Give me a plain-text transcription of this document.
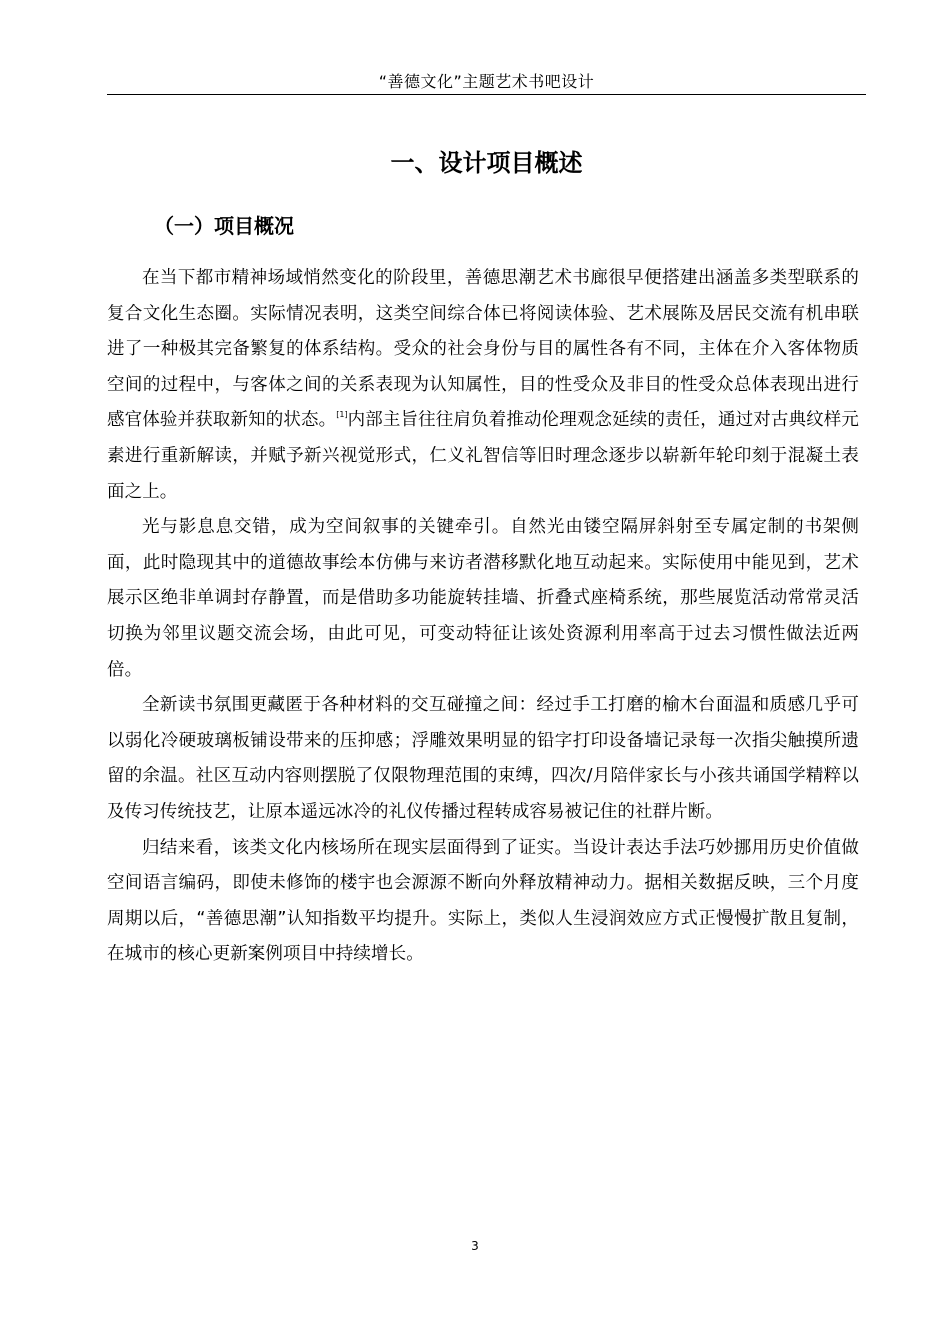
“善德文化”主题艺术书吧设计
一、设计项目概述
（一）项目概况

在当下都市精神场域悄然变化的阶段里，善德思潮艺术书廊很早便搭建出涵盖多类型联系的复合文化生态圈。实际情况表明，这类空间综合体已将阅读体验、艺术展陈及居民交流有机串联进了一种极其完备繁复的体系结构。受众的社会身份与目的属性各有不同，主体在介入客体物质空间的过程中，与客体之间的关系表现为认知属性，目的性受众及非目的性受众总体表现出进行感官体验并获取新知的状态。[1]内部主旨往往肩负着推动伦理观念延续的责任，通过对古典纹样元素进行重新解读，并赋予新兴视觉形式，仁义礼智信等旧时理念逐步以崭新年轮印刻于混凝土表面之上。

光与影息息交错，成为空间叙事的关键牵引。自然光由镂空隔屏斜射至专属定制的书架侧面，此时隐现其中的道德故事绘本仿佛与来访者潜移默化地互动起来。实际使用中能见到，艺术展示区绝非单调封存静置，而是借助多功能旋转挂墙、折叠式座椅系统，那些展览活动常常灵活切换为邻里议题交流会场，由此可见，可变动特征让该处资源利用率高于过去习惯性做法近两倍。

全新读书氛围更藏匿于各种材料的交互碰撞之间：经过手工打磨的榆木台面温和质感几乎可以弱化冷硬玻璃板铺设带来的压抑感；浮雕效果明显的铅字打印设备墙记录每一次指尖触摸所遗留的余温。社区互动内容则摆脱了仅限物理范围的束缚，四次/月陪伴家长与小孩共诵国学精粹以及传习传统技艺，让原本遥远冰冷的礼仪传播过程转成容易被记住的社群片断。

归结来看，该类文化内核场所在现实层面得到了证实。当设计表达手法巧妙挪用历史价值做空间语言编码，即使未修饰的楼宇也会源源不断向外释放精神动力。据相关数据反映，三个月度周期以后，“善德思潮”认知指数平均提升。实际上，类似人生浸润效应方式正慢慢扩散且复制，在城市的核心更新案例项目中持续增长。

3
